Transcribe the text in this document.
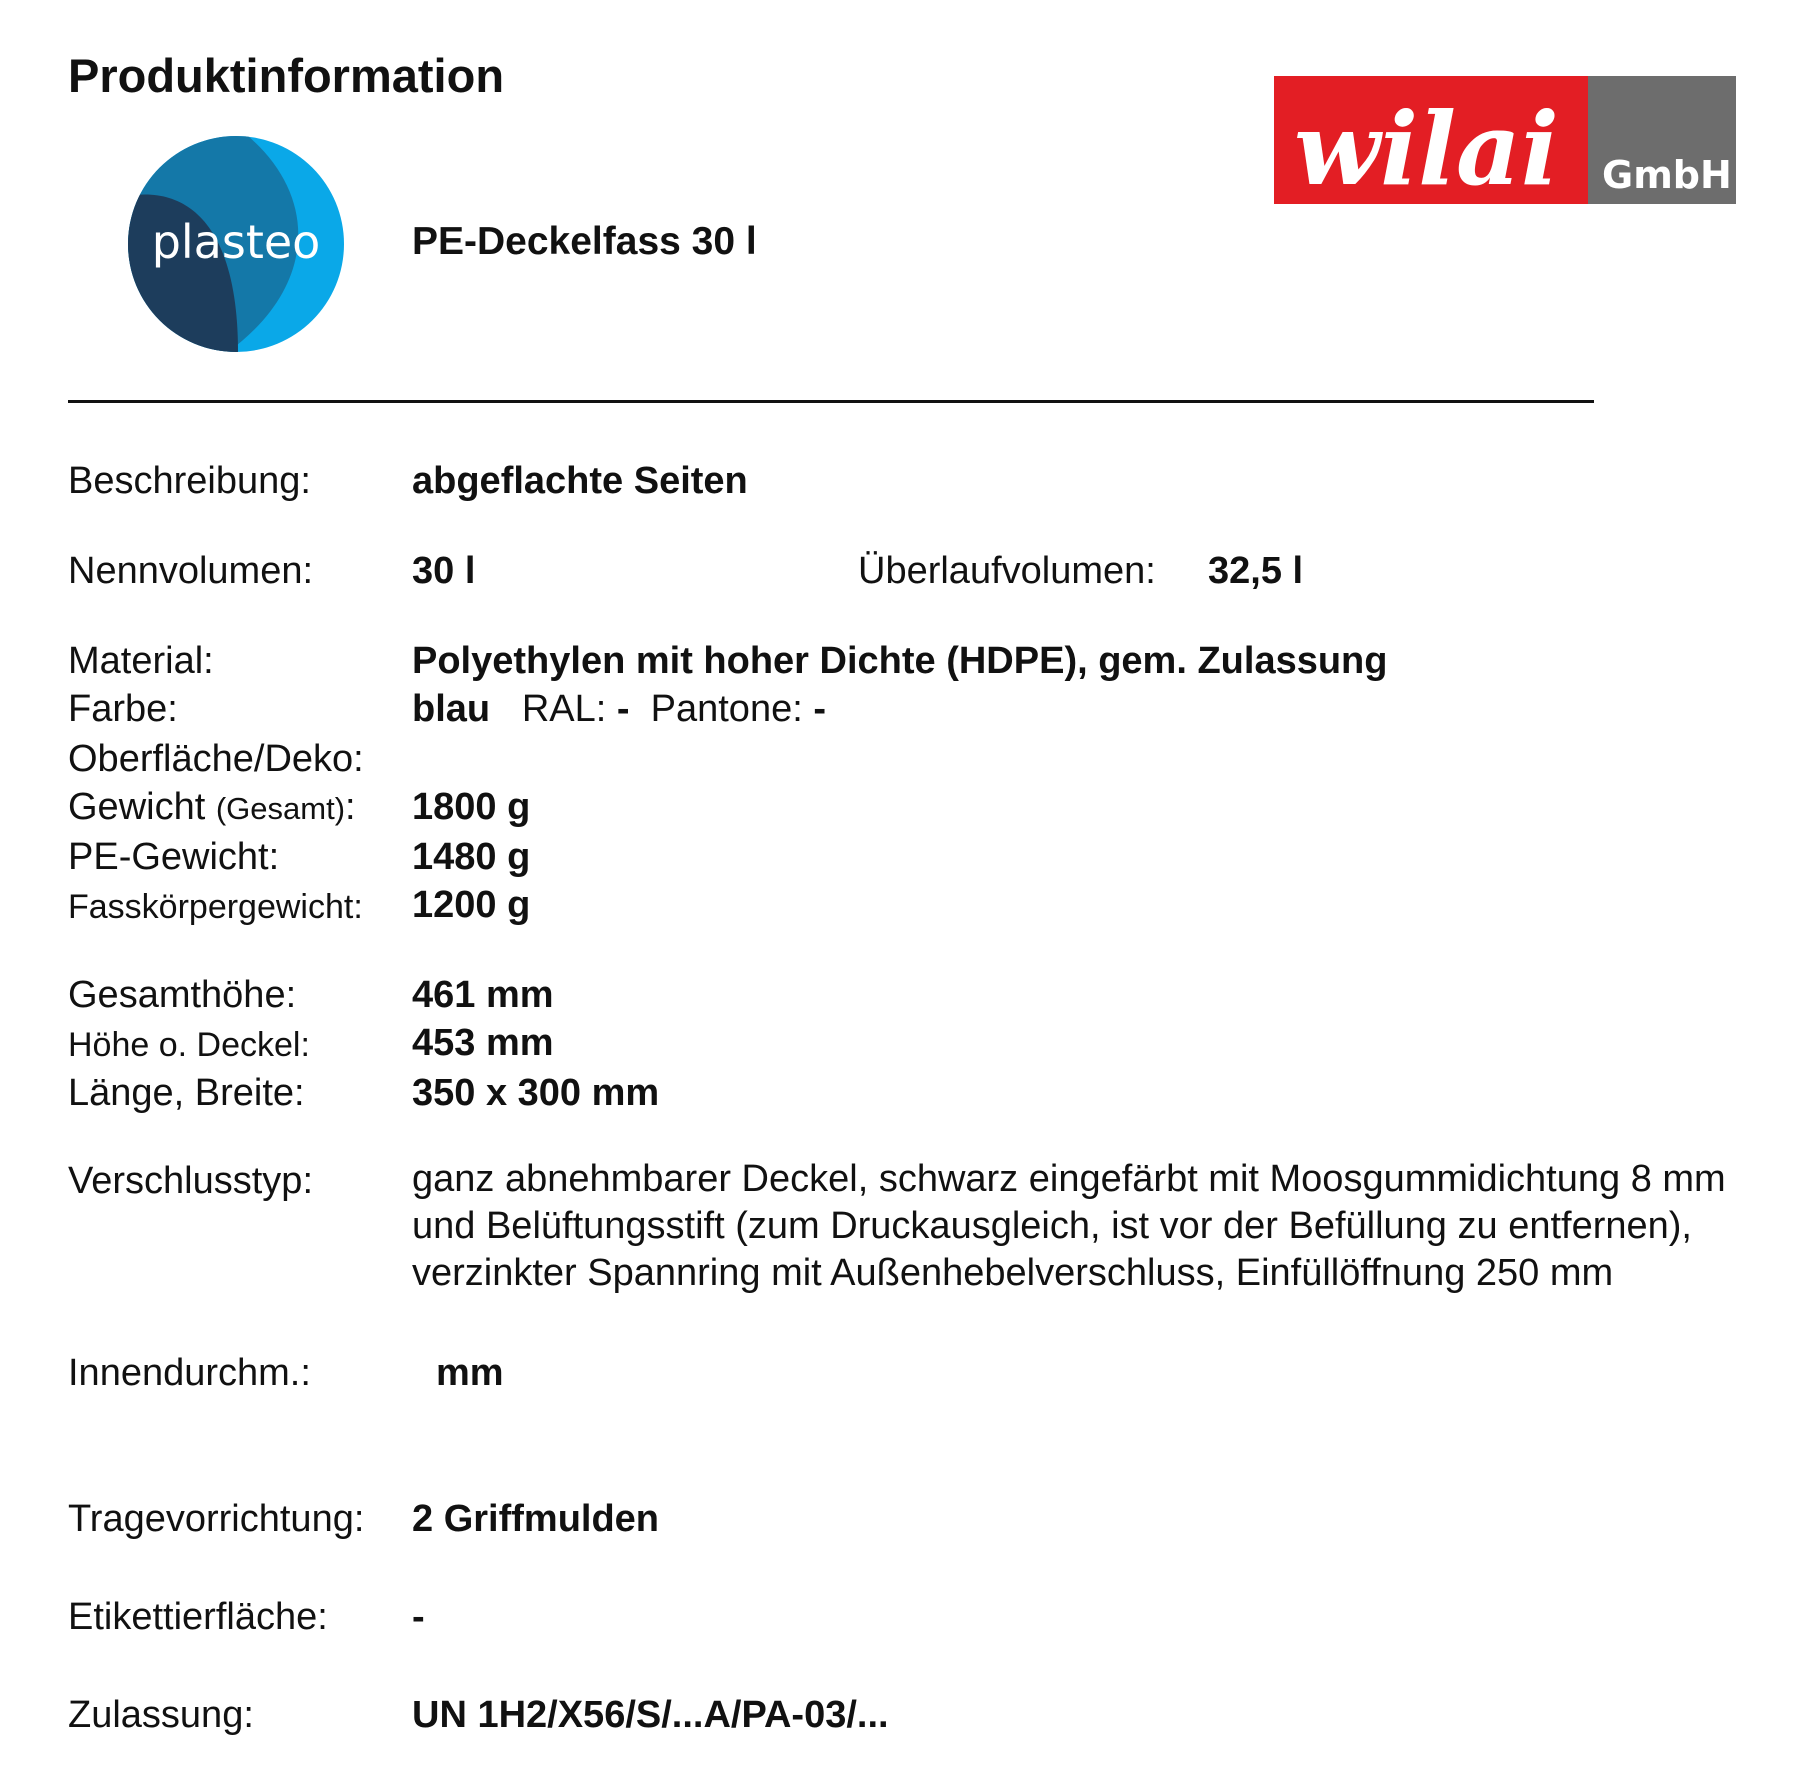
Produktinformation
wilai GmbH
plasteo PE-Deckelfass 30 l
Beschreibung:	abgeflachte Seiten
Nennvolumen:	30 l	Überlaufvolumen: 32,5 l
Material:	Polyethylen mit hoher Dichte (HDPE), gem. Zulassung
Farbe:	blau RAL: - Pantone: -
Oberfläche/Deko:
Gewicht (Gesamt): 1800 g
PE-Gewicht:	1480 g
Fasskörpergewicht: 1200 g
Gesamthöhe:	461 mm
Höhe o. Deckel:	453 mm
Länge, Breite:	350 x 300 mm
Verschlusstyp:	ganz abnehmbarer Deckel, schwarz eingefärbt mit Moosgummidichtung 8 mm und Belüftungsstift (zum Druckausgleich, ist vor der Befüllung zu entfernen), verzinkter Spannring mit Außenhebelverschluss, Einfüllöffnung 250 mm
Innendurchm.:	mm
Tragevorrichtung: 2 Griffmulden
Etikettierfläche: -
Zulassung:	UN 1H2/X56/S/...A/PA-03/...
